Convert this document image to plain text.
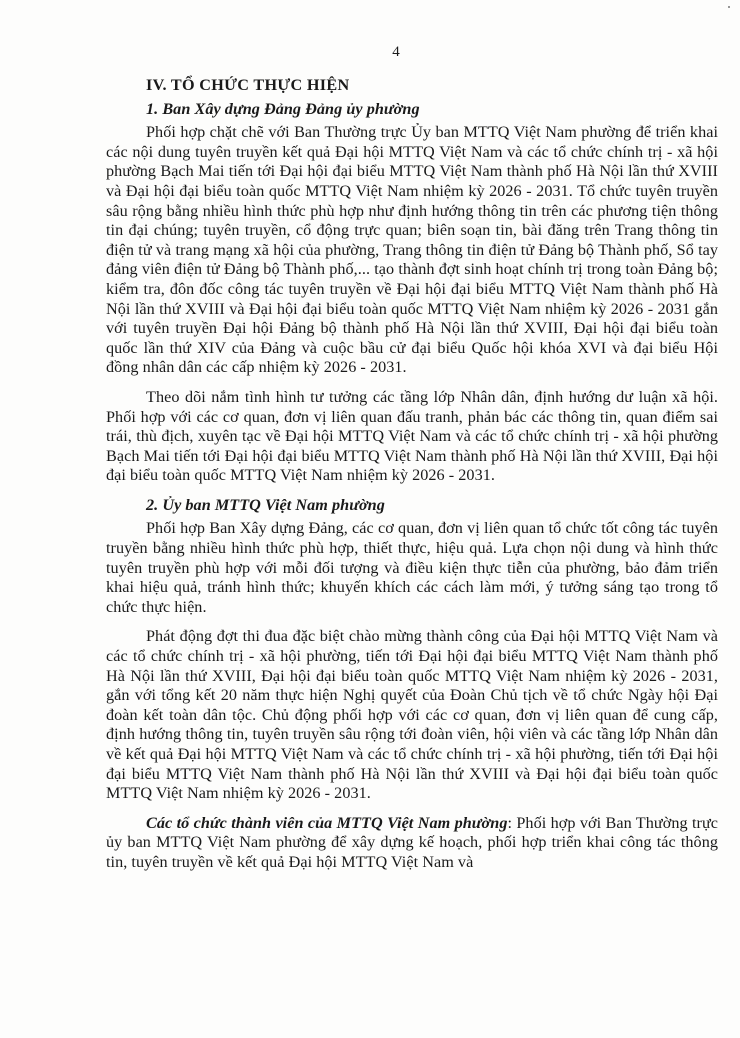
4
IV. TỔ CHỨC THỰC HIỆN
1. Ban Xây dựng Đảng Đảng ủy phường

Phối hợp chặt chẽ với Ban Thường trực Ủy ban MTTQ Việt Nam phường để triển khai các nội dung tuyên truyền kết quả Đại hội MTTQ Việt Nam và các tổ chức chính trị - xã hội phường Bạch Mai tiến tới Đại hội đại biểu MTTQ Việt Nam thành phố Hà Nội lần thứ XVIII và Đại hội đại biểu toàn quốc MTTQ Việt Nam nhiệm kỳ 2026 - 2031. Tổ chức tuyên truyền sâu rộng bằng nhiều hình thức phù hợp như định hướng thông tin trên các phương tiện thông tin đại chúng; tuyên truyền, cổ động trực quan; biên soạn tin, bài đăng trên Trang thông tin điện tử và trang mạng xã hội của phường, Trang thông tin điện tử Đảng bộ Thành phố, Sổ tay đảng viên điện tử Đảng bộ Thành phố,... tạo thành đợt sinh hoạt chính trị trong toàn Đảng bộ; kiểm tra, đôn đốc công tác tuyên truyền về Đại hội đại biểu MTTQ Việt Nam thành phố Hà Nội lần thứ XVIII và Đại hội đại biểu toàn quốc MTTQ Việt Nam nhiệm kỳ 2026 - 2031 gắn với tuyên truyền Đại hội Đảng bộ thành phố Hà Nội lần thứ XVIII, Đại hội đại biểu toàn quốc lần thứ XIV của Đảng và cuộc bầu cử đại biểu Quốc hội khóa XVI và đại biểu Hội đồng nhân dân các cấp nhiệm kỳ 2026 - 2031.

Theo dõi nắm tình hình tư tưởng các tầng lớp Nhân dân, định hướng dư luận xã hội. Phối hợp với các cơ quan, đơn vị liên quan đấu tranh, phản bác các thông tin, quan điểm sai trái, thù địch, xuyên tạc về Đại hội MTTQ Việt Nam và các tổ chức chính trị - xã hội phường Bạch Mai tiến tới Đại hội đại biểu MTTQ Việt Nam thành phố Hà Nội lần thứ XVIII, Đại hội đại biểu toàn quốc MTTQ Việt Nam nhiệm kỳ 2026 - 2031.

2. Ủy ban MTTQ Việt Nam phường

Phối hợp Ban Xây dựng Đảng, các cơ quan, đơn vị liên quan tổ chức tốt công tác tuyên truyền bằng nhiều hình thức phù hợp, thiết thực, hiệu quả. Lựa chọn nội dung và hình thức tuyên truyền phù hợp với mỗi đối tượng và điều kiện thực tiễn của phường, bảo đảm triển khai hiệu quả, tránh hình thức; khuyến khích các cách làm mới, ý tưởng sáng tạo trong tổ chức thực hiện.

Phát động đợt thi đua đặc biệt chào mừng thành công của Đại hội MTTQ Việt Nam và các tổ chức chính trị - xã hội phường, tiến tới Đại hội đại biểu MTTQ Việt Nam thành phố Hà Nội lần thứ XVIII, Đại hội đại biểu toàn quốc MTTQ Việt Nam nhiệm kỳ 2026 - 2031, gắn với tổng kết 20 năm thực hiện Nghị quyết của Đoàn Chủ tịch về tổ chức Ngày hội Đại đoàn kết toàn dân tộc. Chủ động phối hợp với các cơ quan, đơn vị liên quan để cung cấp, định hướng thông tin, tuyên truyền sâu rộng tới đoàn viên, hội viên và các tầng lớp Nhân dân về kết quả Đại hội MTTQ Việt Nam và các tổ chức chính trị - xã hội phường, tiến tới Đại hội đại biểu MTTQ Việt Nam thành phố Hà Nội lần thứ XVIII và Đại hội đại biểu toàn quốc MTTQ Việt Nam nhiệm kỳ 2026 - 2031.

Các tổ chức thành viên của MTTQ Việt Nam phường: Phối hợp với Ban Thường trực ủy ban MTTQ Việt Nam phường để xây dựng kế hoạch, phối hợp triển khai công tác thông tin, tuyên truyền về kết quả Đại hội MTTQ Việt Nam và
